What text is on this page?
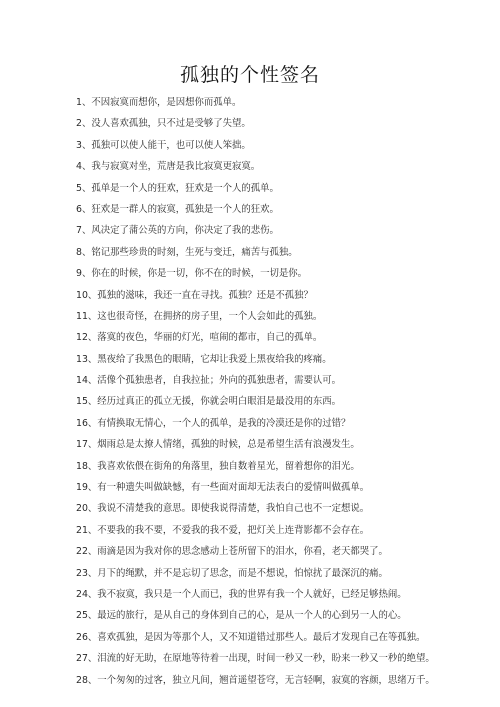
孤独的个性签名
1、不因寂寞而想你，是因想你而孤单。
2、没人喜欢孤独，只不过是受够了失望。
3、孤独可以使人能干，也可以使人笨拙。
4、我与寂寞对坐，荒唐是我比寂寞更寂寞。
5、孤单是一个人的狂欢，狂欢是一个人的孤单。
6、狂欢是一群人的寂寞，孤独是一个人的狂欢。
7、风决定了蒲公英的方向，你决定了我的悲伤。
8、铭记那些珍贵的时刻，生死与变迁，痛苦与孤独。
9、你在的时候，你是一切，你不在的时候，一切是你。
10、孤独的滋味，我还一直在寻找。孤独？还是不孤独？
11、这也很奇怪，在拥挤的房子里，一个人会如此的孤独。
12、落寞的夜色，华丽的灯光，喧闹的都市，自己的孤单。
13、黑夜给了我黑色的眼睛，它却让我爱上黑夜给我的疼痛。
14、活像个孤独患者，自我拉扯；外向的孤独患者，需要认可。
15、经历过真正的孤立无援，你就会明白眼泪是最没用的东西。
16、有情换取无情心，一个人的孤单，是我的冷漠还是你的过错？
17、烟雨总是太撩人情绪，孤独的时候，总是希望生活有浪漫发生。
18、我喜欢依偎在街角的角落里，独自数着星光，留着想你的泪光。
19、有一种遗失叫做缺憾，有一些面对面却无法表白的爱情叫做孤单。
20、我说不清楚我的意思。即使我说得清楚，我怕自己也不一定想说。
21、不要我的我不要，不爱我的我不爱，把灯关上连背影都不会存在。
22、雨滴是因为我对你的思念感动上苍所留下的泪水，你看，老天都哭了。
23、月下的绳默，并不是忘切了思念，而是不想说，怕惊扰了最深沉的痛。
24、我不寂寞，我只是一个人而已，我的世界有我一个人就好，已经足够热闹。
25、最远的旅行，是从自己的身体到自己的心，是从一个人的心到另一人的心。
26、喜欢孤独，是因为等那个人，又不知道错过那些人。最后才发现自己在等孤独。
27、泪流的好无助，在原地等待着一出现，时间一秒又一秒，盼来一秒又一秒的绝望。
28、一个匆匆的过客，独立凡间，翘首遥望苍穹，无言轻啊，寂寞的容颜，思绪万千。
